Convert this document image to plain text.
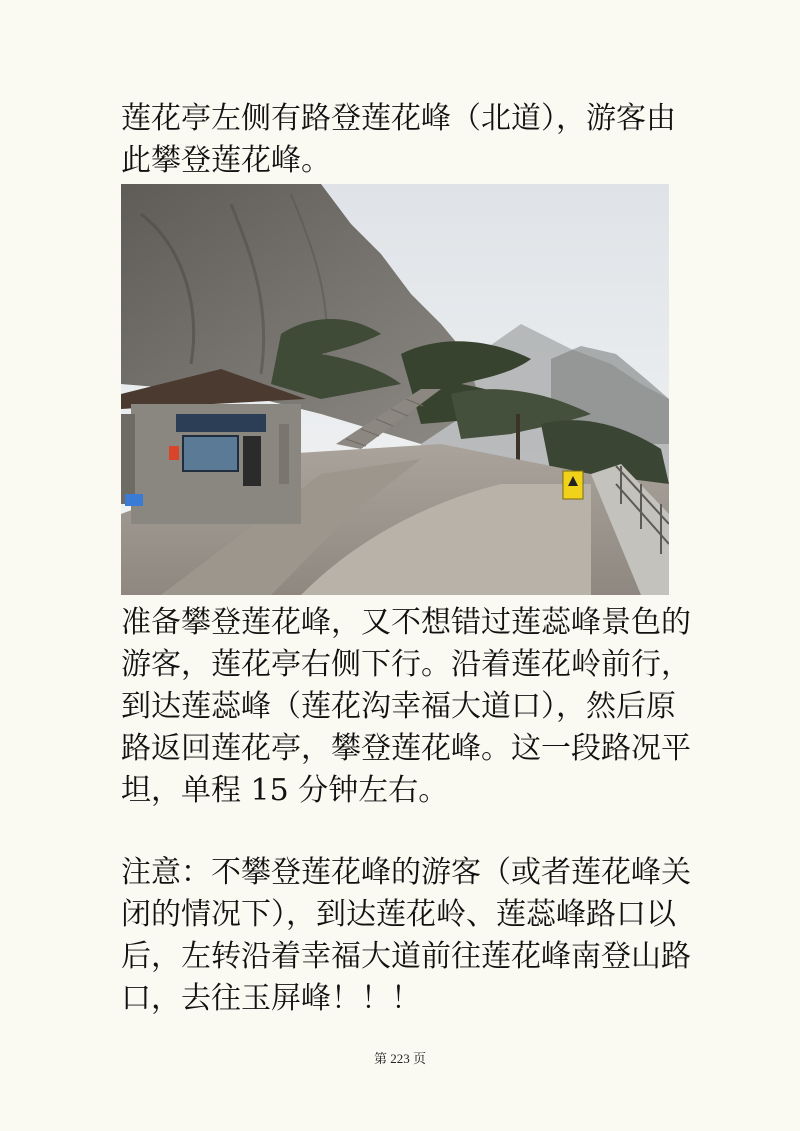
莲花亭左侧有路登莲花峰（北道），游客由
此攀登莲花峰。
准备攀登莲花峰，又不想错过莲蕊峰景色的
游客，莲花亭右侧下行。沿着莲花岭前行，
到达莲蕊峰（莲花沟幸福大道口），然后原
路返回莲花亭，攀登莲花峰。这一段路况平
坦，单程 15 分钟左右。
注意：不攀登莲花峰的游客（或者莲花峰关
闭的情况下），到达莲花岭、莲蕊峰路口以
后，左转沿着幸福大道前往莲花峰南登山路
口，去往玉屏峰！！！
第 223 页
